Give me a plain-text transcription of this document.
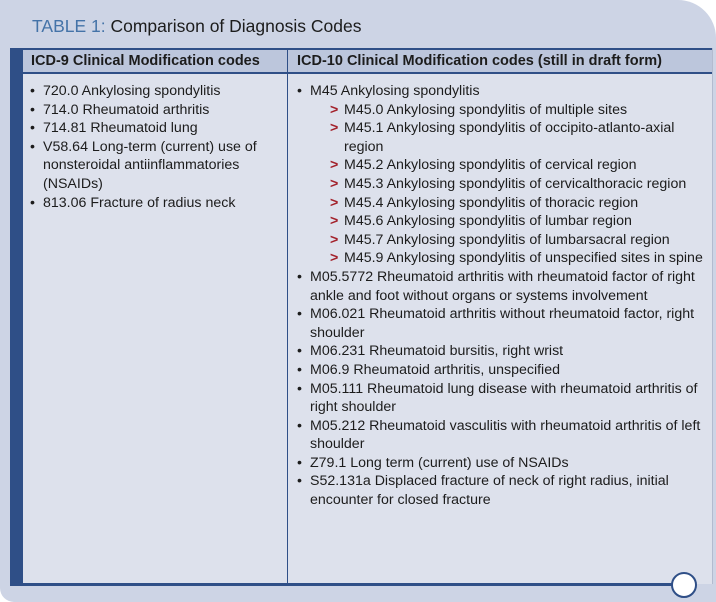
TABLE 1: Comparison of Diagnosis Codes
ICD-9 Clinical Modification codes	ICD-10 Clinical Modification codes (still in draft form)
• 720.0 Ankylosing spondylitis
• 714.0 Rheumatoid arthritis
• 714.81 Rheumatoid lung
• V58.64 Long-term (current) use of nonsteroidal antiinflammatories (NSAIDs)
• 813.06 Fracture of radius neck
• M45 Ankylosing spondylitis
> M45.0 Ankylosing spondylitis of multiple sites
> M45.1 Ankylosing spondylitis of occipito-atlanto-axial region
> M45.2 Ankylosing spondylitis of cervical region
> M45.3 Ankylosing spondylitis of cervicalthoracic region
> M45.4 Ankylosing spondylitis of thoracic region
> M45.6 Ankylosing spondylitis of lumbar region
> M45.7 Ankylosing spondylitis of lumbarsacral region
> M45.9 Ankylosing spondylitis of unspecified sites in spine
• M05.5772 Rheumatoid arthritis with rheumatoid factor of right ankle and foot without organs or systems involvement
• M06.021 Rheumatoid arthritis without rheumatoid factor, right shoulder
• M06.231 Rheumatoid bursitis, right wrist
• M06.9 Rheumatoid arthritis, unspecified
• M05.111 Rheumatoid lung disease with rheumatoid arthritis of right shoulder
• M05.212 Rheumatoid vasculitis with rheumatoid arthritis of left shoulder
• Z79.1 Long term (current) use of NSAIDs
• S52.131a Displaced fracture of neck of right radius, initial encounter for closed fracture
